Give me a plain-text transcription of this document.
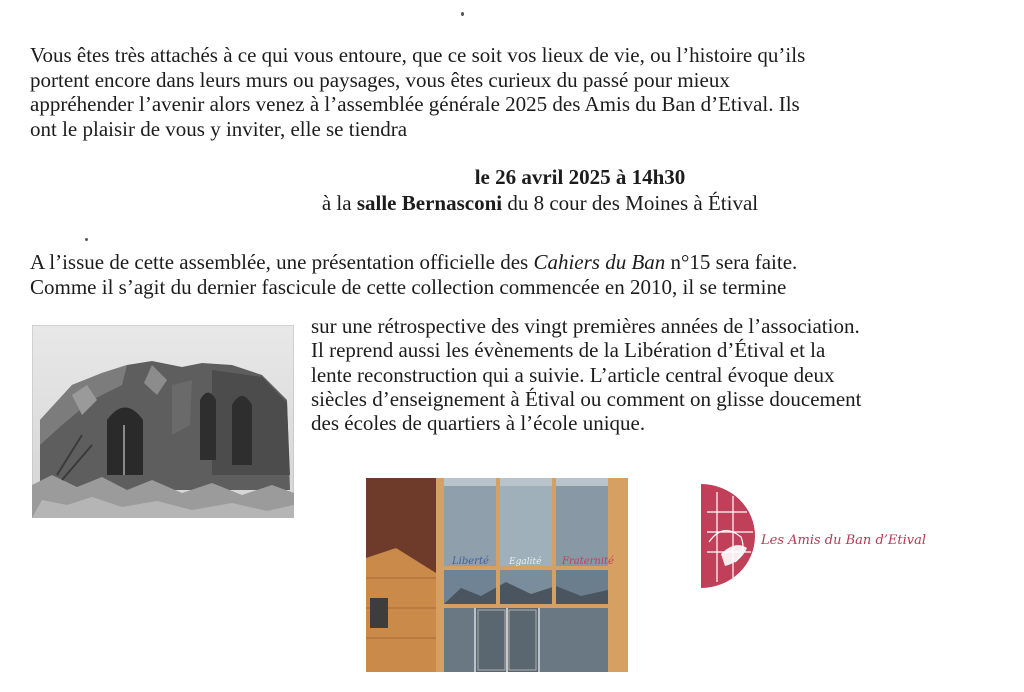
Vous êtes très attachés à ce qui vous entoure, que ce soit vos lieux de vie, ou l’histoire qu’ils
portent encore dans leurs murs ou paysages, vous êtes curieux du passé pour mieux
appréhender l’avenir alors venez à l’assemblée générale 2025 des Amis du Ban d’Etival. Ils
ont le plaisir de vous y inviter, elle se tiendra
le 26 avril 2025 à 14h30
à la salle Bernasconi du 8 cour des Moines à Étival
A l’issue de cette assemblée, une présentation officielle des Cahiers du Ban n°15 sera faite.
Comme il s’agit du dernier fascicule de cette collection commencée en 2010, il se termine
sur une rétrospective des vingt premières années de l’association.
Il reprend aussi les évènements de la Libération d’Étival et la
lente reconstruction qui a suivie. L’article central évoque deux
siècles d’enseignement à Étival ou comment on glisse doucement
des écoles de quartiers à l’école unique.
Liberté Egalité Fraternité
Les Amis du Ban d’Etival
